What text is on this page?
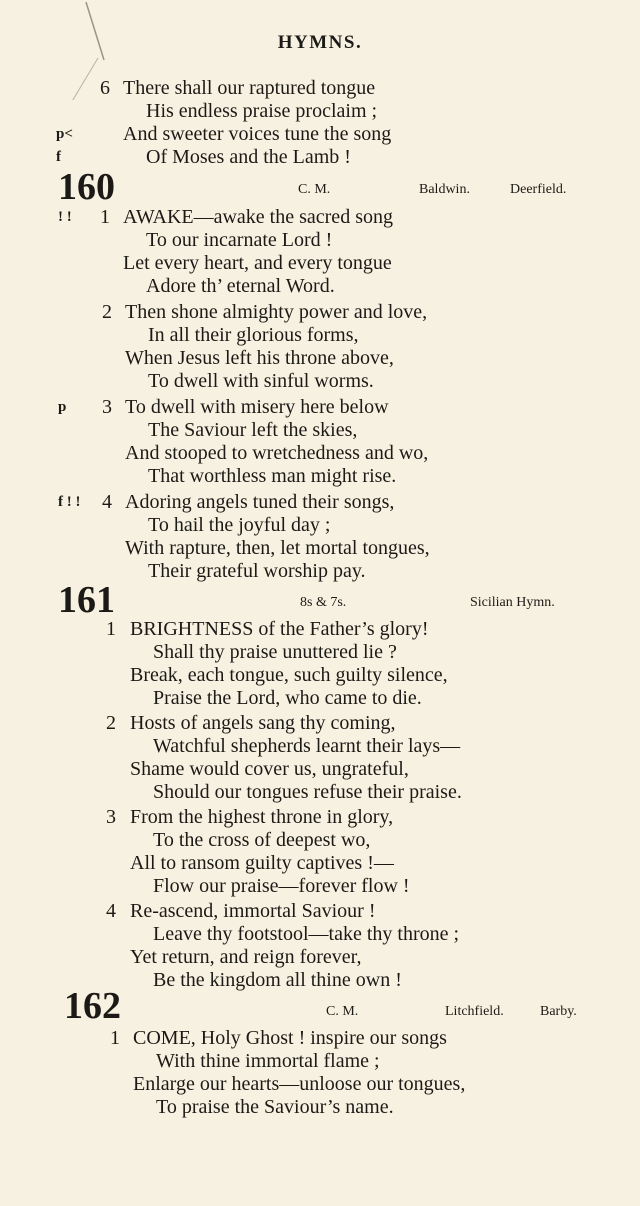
HYMNS.
6 There shall our raptured tongue
His endless praise proclaim ;
p<	And sweeter voices tune the song
f	Of Moses and the Lamb !
160	C. M.	Baldwin.	Deerfield.
! ! 1 AWAKE—awake the sacred song
To our incarnate Lord !
Let every heart, and every tongue
Adore th’ eternal Word.
2 Then shone almighty power and love,
In all their glorious forms,
When Jesus left his throne above,
To dwell with sinful worms.
p 3 To dwell with misery here below
The Saviour left the skies,
And stooped to wretchedness and wo,
That worthless man might rise.
f ! ! 4 Adoring angels tuned their songs,
To hail the joyful day ;
With rapture, then, let mortal tongues,
Their grateful worship pay.
161	8s & 7s.	Sicilian Hymn.
1 BRIGHTNESS of the Father’s glory!
Shall thy praise unuttered lie ?
Break, each tongue, such guilty silence,
Praise the Lord, who came to die.
2 Hosts of angels sang thy coming,
Watchful shepherds learnt their lays—
Shame would cover us, ungrateful,
Should our tongues refuse their praise.
3 From the highest throne in glory,
To the cross of deepest wo,
All to ransom guilty captives !—
Flow our praise—forever flow !
4 Re-ascend, immortal Saviour !
Leave thy footstool—take thy throne ;
Yet return, and reign forever,
Be the kingdom all thine own !
162	C. M.	Litchfield.	Barby.
1 COME, Holy Ghost ! inspire our songs
With thine immortal flame ;
Enlarge our hearts—unloose our tongues,
To praise the Saviour’s name.
